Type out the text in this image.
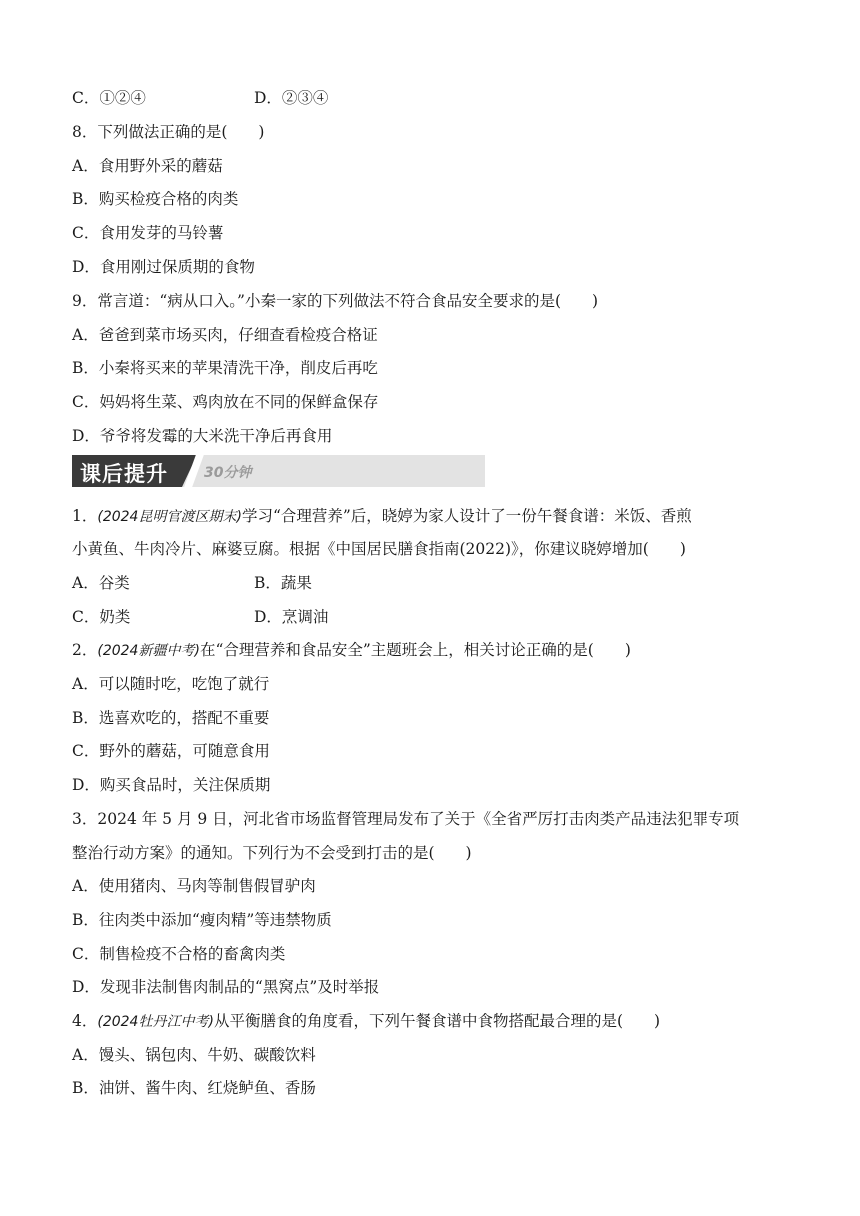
C．①②④	D．②③④
8．下列做法正确的是(　　)
A．食用野外采的蘑菇
B．购买检疫合格的肉类
C．食用发芽的马铃薯
D．食用刚过保质期的食物
9．常言道：“病从口入。”小秦一家的下列做法不符合食品安全要求的是(　　)
A．爸爸到菜市场买肉，仔细查看检疫合格证
B．小秦将买来的苹果清洗干净，削皮后再吃
C．妈妈将生菜、鸡肉放在不同的保鲜盒保存
D．爷爷将发霉的大米洗干净后再食用
课后提升	30分钟
1．(2024昆明官渡区期末)学习“合理营养”后，晓婷为家人设计了一份午餐食谱：米饭、香煎
小黄鱼、牛肉冷片、麻婆豆腐。根据《中国居民膳食指南(2022)》，你建议晓婷增加(　　)
A．谷类	B．蔬果
C．奶类	D．烹调油
2．(2024新疆中考)在“合理营养和食品安全”主题班会上，相关讨论正确的是(　　)
A．可以随时吃，吃饱了就行
B．选喜欢吃的，搭配不重要
C．野外的蘑菇，可随意食用
D．购买食品时，关注保质期
3．2024 年 5 月 9 日，河北省市场监督管理局发布了关于《全省严厉打击肉类产品违法犯罪专项
整治行动方案》的通知。下列行为不会受到打击的是(　　)
A．使用猪肉、马肉等制售假冒驴肉
B．往肉类中添加“瘦肉精”等违禁物质
C．制售检疫不合格的畜禽肉类
D．发现非法制售肉制品的“黑窝点”及时举报
4．(2024牡丹江中考)从平衡膳食的角度看，下列午餐食谱中食物搭配最合理的是(　　)
A．馒头、锅包肉、牛奶、碳酸饮料
B．油饼、酱牛肉、红烧鲈鱼、香肠
